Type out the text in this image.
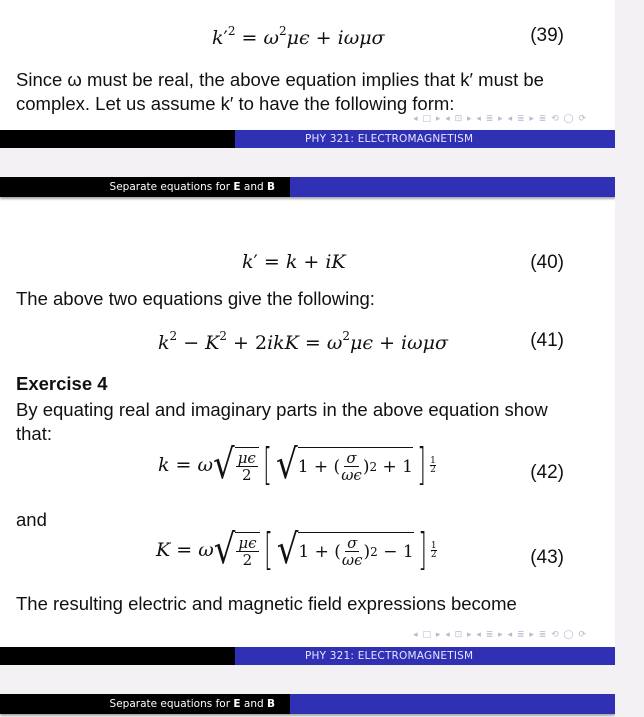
$k'^2 = \omega^2\mu\epsilon + i\omega\mu\sigma$	(39)
Since ω must be real, the above equation implies that k′ must be
complex. Let us assume k′ to have the following form:
◂ □ ▸ ◂ ⊡ ▸ ◂ ≣ ▸ ◂ ≣ ▸ ≣ ⟲ ◯ ⟳
PHY 321: ELECTROMAGNETISM
Separate equations for E and B
k′ = k + iK	(40)
The above two equations give the following:
$k^2 - K^2 + 2ikK = \omega^2\mu\epsilon + i\omega\mu\sigma$	(41)
Exercise 4
By equating real and imaginary parts in the above equation show
that:
k = ω √ $\frac{\mu\epsilon}{2}$ [ √ 1 + ( $\frac{\sigma}{\omega\epsilon}$ ) 2 + 1 ] 1
2	(42)
and
K = ω √ $\frac{\mu\epsilon}{2}$ [ √ 1 + ( $\frac{\sigma}{\omega\epsilon}$ ) 2 − 1 ] 1
2	(43)
The resulting electric and magnetic field expressions become
◂ □ ▸ ◂ ⊡ ▸ ◂ ≣ ▸ ◂ ≣ ▸ ≣ ⟲ ◯ ⟳
PHY 321: ELECTROMAGNETISM
Separate equations for E and B
